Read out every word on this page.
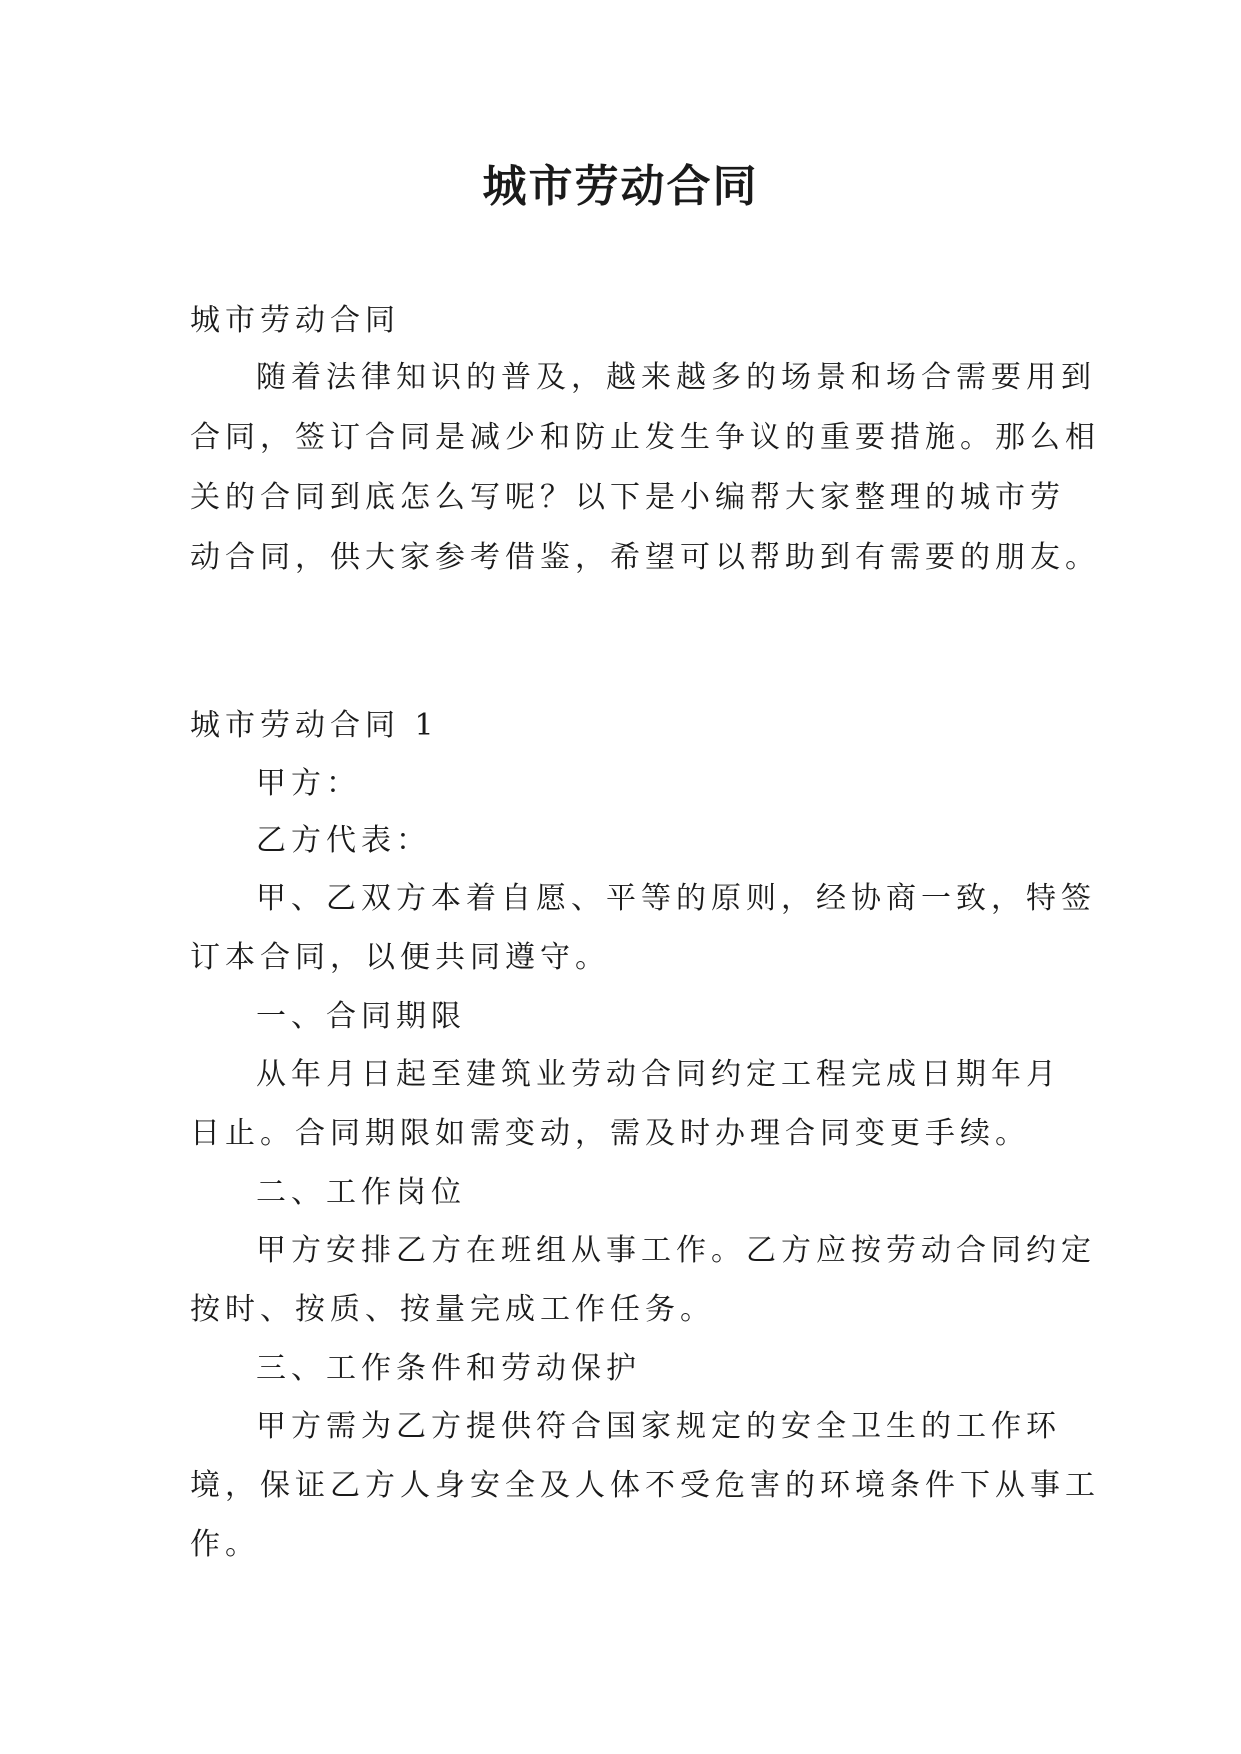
城市劳动合同
城市劳动合同
随着法律知识的普及，越来越多的场景和场合需要用到
合同，签订合同是减少和防止发生争议的重要措施。那么相
关的合同到底怎么写呢？以下是小编帮大家整理的城市劳
动合同，供大家参考借鉴，希望可以帮助到有需要的朋友。
城市劳动合同 1
甲方：
乙方代表：
甲、乙双方本着自愿、平等的原则，经协商一致，特签
订本合同，以便共同遵守。
一、合同期限
从年月日起至建筑业劳动合同约定工程完成日期年月
日止。合同期限如需变动，需及时办理合同变更手续。
二、工作岗位
甲方安排乙方在班组从事工作。乙方应按劳动合同约定
按时、按质、按量完成工作任务。
三、工作条件和劳动保护
甲方需为乙方提供符合国家规定的安全卫生的工作环
境，保证乙方人身安全及人体不受危害的环境条件下从事工
作。
